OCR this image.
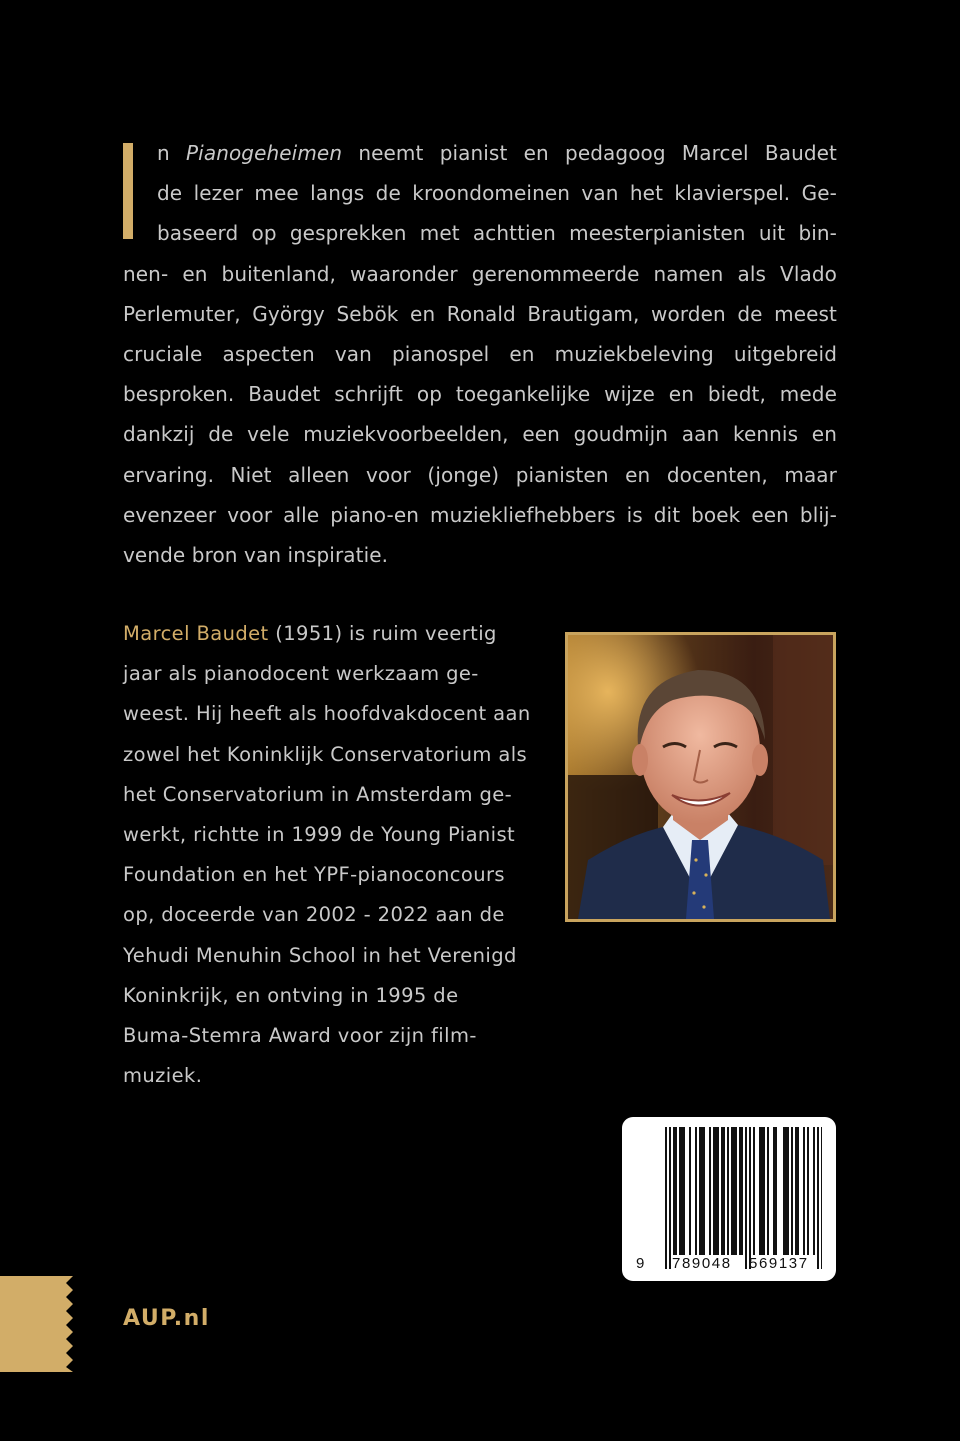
n Pianogeheimen neemt pianist en pedagoog Marcel Baudet
de lezer mee langs de kroondomeinen van het klavierspel. Ge-
baseerd op gesprekken met achttien meesterpianisten uit bin-
nen- en buitenland, waaronder gerenommeerde namen als Vlado
Perlemuter, György Sebök en Ronald Brautigam, worden de meest
cruciale aspecten van pianospel en muziekbeleving uitgebreid
besproken. Baudet schrijft op toegankelijke wijze en biedt, mede
dankzij de vele muziekvoorbeelden, een goudmijn aan kennis en
ervaring. Niet alleen voor (jonge) pianisten en docenten, maar
evenzeer voor alle piano-en muziekliefhebbers is dit boek een blij-
vende bron van inspiratie.
Marcel Baudet (1951) is ruim veertig
jaar als pianodocent werkzaam ge-
weest. Hij heeft als hoofdvakdocent aan
zowel het Koninklijk Conservatorium als
het Conservatorium in Amsterdam ge-
werkt, richtte in 1999 de Young Pianist
Foundation en het YPF-pianoconcours
op, doceerde van 2002 - 2022 aan de
Yehudi Menuhin School in het Verenigd
Koninkrijk, en ontving in 1995 de
Buma-Stemra Award voor zijn film-
muziek.
9 789048 569137
AUP.nl
